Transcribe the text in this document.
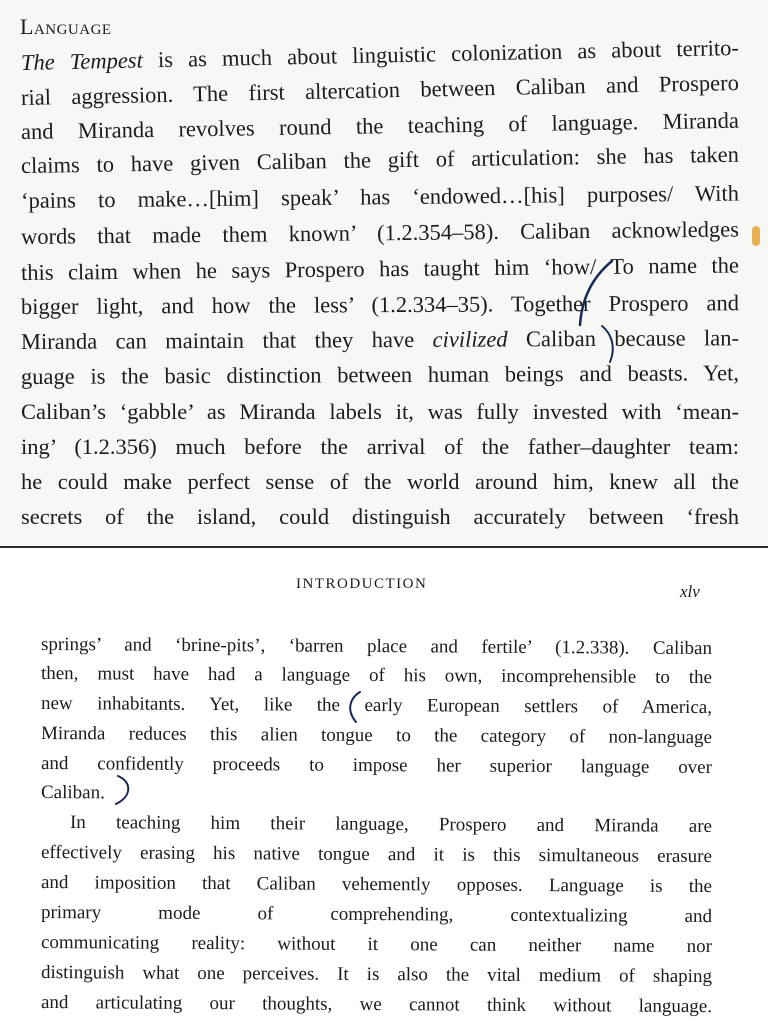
Language

The Tempest is as much about linguistic colonization as about territo-

rial aggression. The first altercation between Caliban and Prospero

and Miranda revolves round the teaching of language. Miranda

claims to have given Caliban the gift of articulation: she has taken

‘pains to make…[him] speak’ has ‘endowed…[his] purposes/ With

words that made them known’ (1.2.354–58). Caliban acknowledges

this claim when he says Prospero has taught him ‘how/ To name the

bigger light, and how the less’ (1.2.334–35). Together Prospero and

Miranda can maintain that they have civilized Caliban because lan-

guage is the basic distinction between human beings and beasts. Yet,

Caliban’s ‘gabble’ as Miranda labels it, was fully invested with ‘mean-

ing’ (1.2.356) much before the arrival of the father–daughter team:

he could make perfect sense of the world around him, knew all the

secrets of the island, could distinguish accurately between ‘fresh

INTRODUCTION	xlv

springs’ and ‘brine-pits’, ‘barren place and fertile’ (1.2.338). Caliban

then, must have had a language of his own, incomprehensible to the

new inhabitants. Yet, like the early European settlers of America,

Miranda reduces this alien tongue to the category of non-language

and confidently proceeds to impose her superior language over

Caliban.

In teaching him their language, Prospero and Miranda are

effectively erasing his native tongue and it is this simultaneous erasure

and imposition that Caliban vehemently opposes. Language is the

primary mode of comprehending, contextualizing and

communicating reality: without it one can neither name nor

distinguish what one perceives. It is also the vital medium of shaping

and articulating our thoughts, we cannot think without language.
